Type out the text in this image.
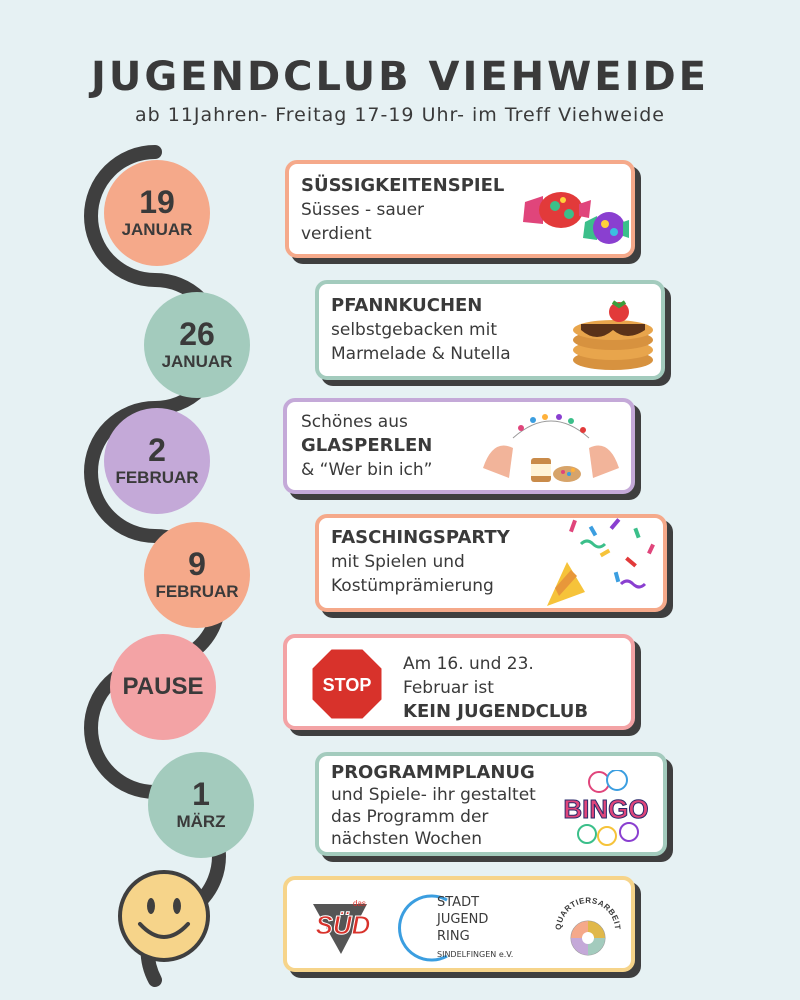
JUGENDCLUB VIEHWEIDE
ab 11Jahren- Freitag 17-19 Uhr- im Treff Viehweide
19
JANUAR
26
JANUAR
2
FEBRUAR
9
FEBRUAR
PAUSE
1
MÄRZ
SÜSSIGKEITENSPIEL
Süsses - sauer
verdient
PFANNKUCHEN
selbstgebacken mit
Marmelade & Nutella
Schönes aus
GLASPERLEN
& “Wer bin ich”
FASCHINGSPARTY
mit Spielen und
Kostümprämierung
STOP
Am 16. und 23.
Februar ist
KEIN JUGENDCLUB
PROGRAMMPLANUG
und Spiele- ihr gestaltet
das Programm der
nächsten Wochen
BINGO
das
SÜD
STADT
JUGEND
RING
SINDELFINGEN e.V.
QUARTIERSARBEIT
